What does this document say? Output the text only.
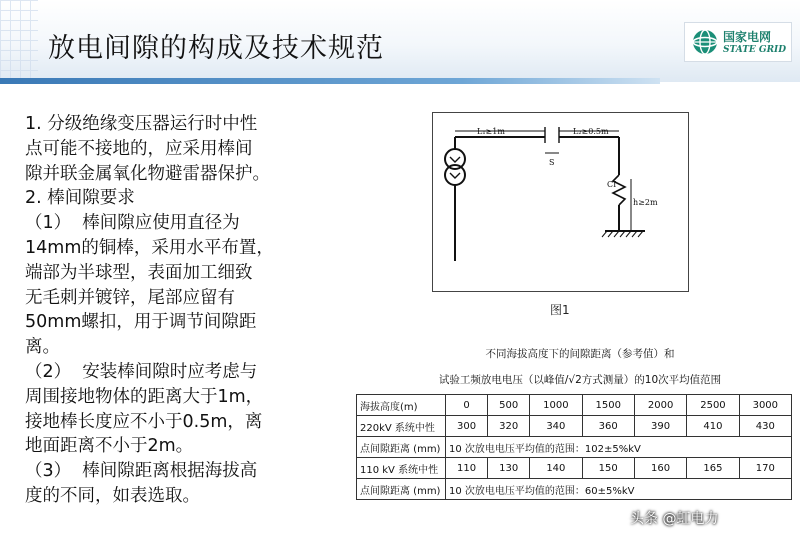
放电间隙的构成及技术规范	国家电网
STATE GRID
1. 分级绝缘变压器运行时中性
点可能不接地的，应采用棒间
隙并联金属氧化物避雷器保护。
2. 棒间隙要求
（1）  棒间隙应使用直径为
14mm的铜棒，采用水平布置，
端部为半球型，表面加工细致
无毛刺并镀锌，尾部应留有
50mm螺扣，用于调节间隙距
离。
（2）  安装棒间隙时应考虑与
周围接地物体的距离大于1m，
接地棒长度应不小于0.5m，离
地面距离不小于2m。
（3）  棒间隙距离根据海拔高
度的不同，如表选取。
L₁≥1m
S
L₂≥0.5m
CI
h≥2m
图1
不同海拔高度下的间隙距离（参考值）和
试验工频放电电压（以峰值/√2方式测量）的10次平均值范围
海拔高度(m)	0	500	1000	1500	2000	2500	3000
220kV 系统中性	300	320	340	360	390	410	430
点间隙距离 (mm)	10 次放电电压平均值的范围：102±5%kV						
110 kV 系统中性	110	130	140	150	160	165	170
点间隙距离 (mm)	10 次放电电压平均值的范围：60±5%kV						
头条 @虹电力
